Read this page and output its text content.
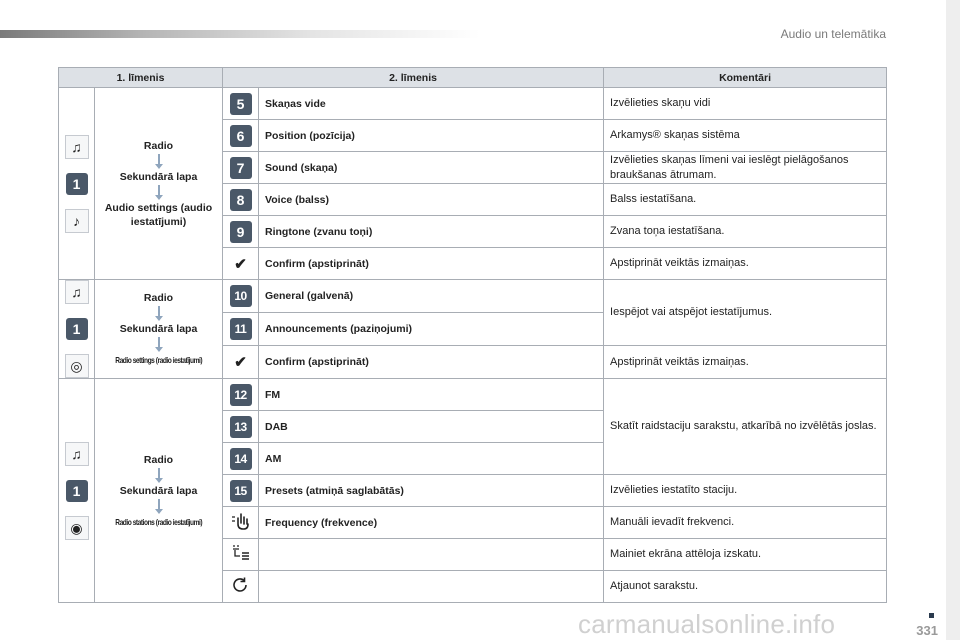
Audio un telemātika
331
carmanualsonline.info
1. līmenis		2. līmenis		Komentāri

♫
1
♪	Radio
Sekundārā lapa
Audio settings (audio iestatījumi)	5	Skaņas vide	Izvēlieties skaņu vidi
		6	Position (pozīcija)	Arkamys® skaņas sistēma
		7	Sound (skaņa)	Izvēlieties skaņas līmeni vai ieslēgt pielāgošanos braukšanas ātrumam.
		8	Voice (balss)	Balss iestatīšana.
		9	Ringtone (zvanu toņi)	Zvana toņa iestatīšana.
		✔	Confirm (apstiprināt)	Apstiprināt veiktās izmaiņas.

♫
1
◎	Radio
Sekundārā lapa
Radio settings (radio iestatījumi)	10	General (galvenā)	Iespējot vai atspējot iestatījumus.
		11	Announcements (paziņojumi)	
		✔	Confirm (apstiprināt)	Apstiprināt veiktās izmaiņas.

♫
1
◉	Radio
Sekundārā lapa
Radio stations (radio iestatījumi)	12	FM	Skatīt raidstaciju sarakstu, atkarībā no izvēlētās joslas.
		13	DAB	
		14	AM	
		15	Presets (atmiņā saglabātās)	Izvēlieties iestatīto staciju.
	Frequency (frekvence)	Manuāli ievadīt frekvenci.
		Mainiet ekrāna attēloja izskatu.
		Atjaunot sarakstu.
